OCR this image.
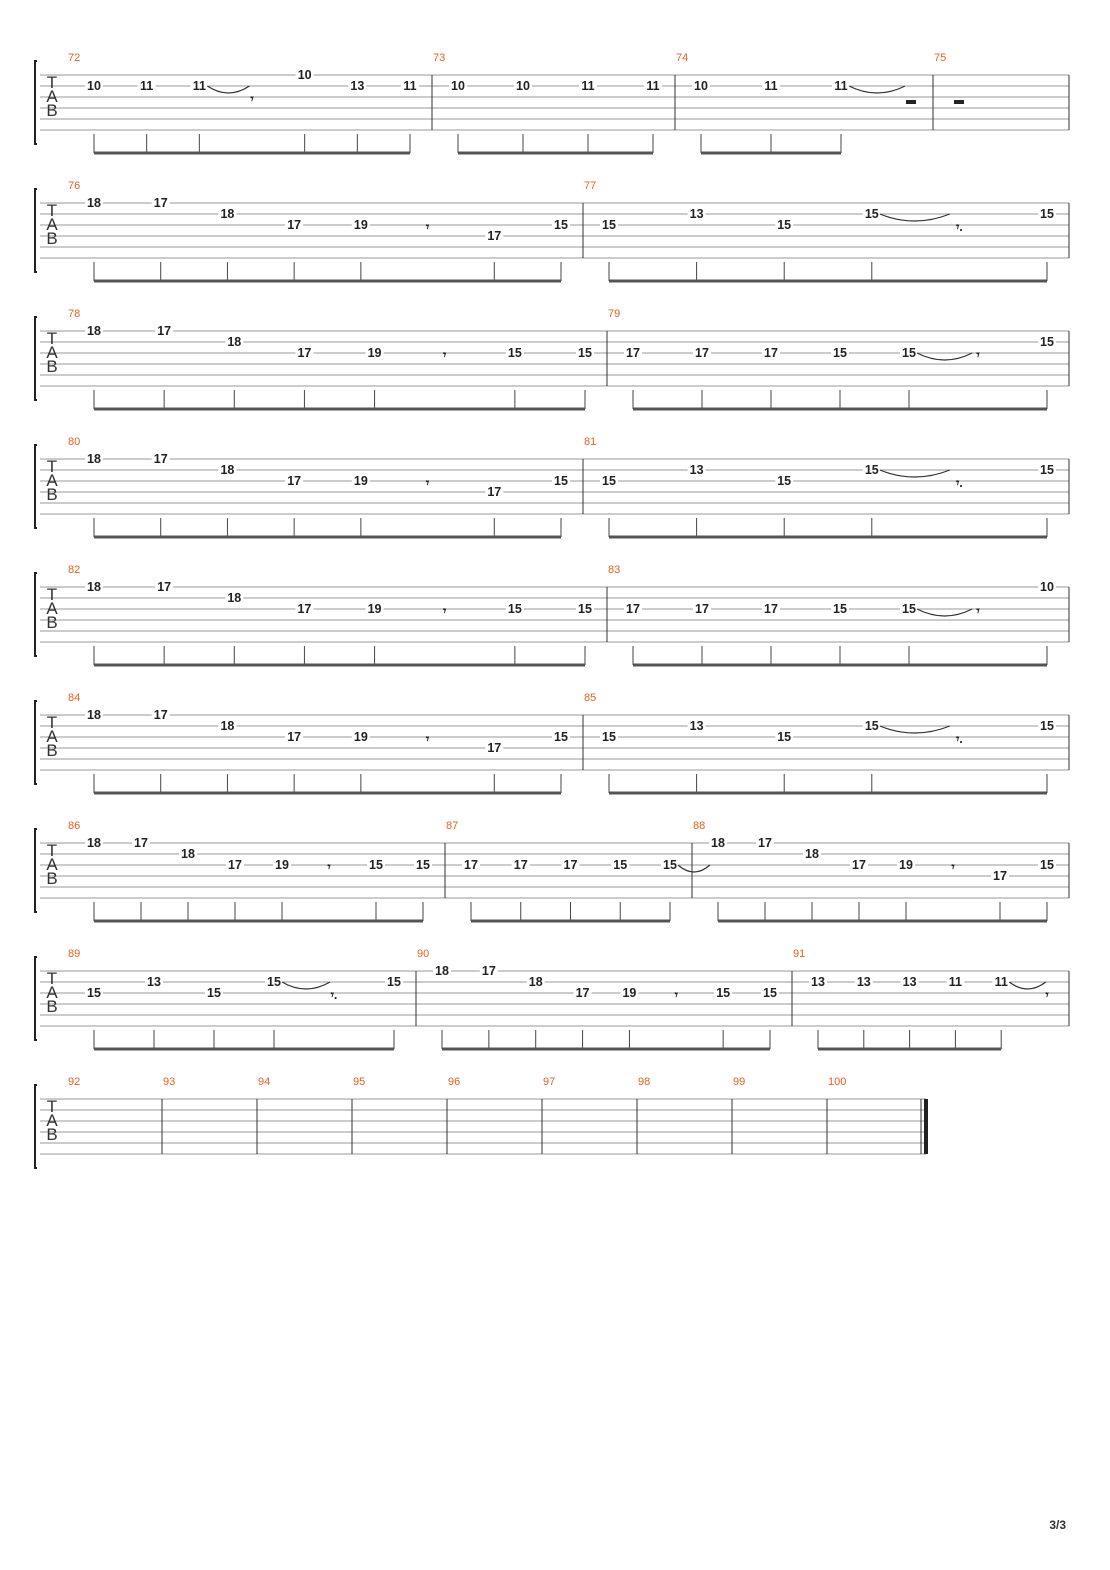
T
A
B
72
10	11	11
𝄾
10
13	11
73
10	10	11	11
74
10	11	11
75
T
A
B
76
18	17
18
17	19	𝄾
17
15
77
15
13
15
15
𝄾.
15
T
A
B
78
18	17
18
17	19	𝄾	15	15
79
17	17	17	15	15	𝄾
15
T
A
B
80
18	17
18
17	19	𝄾
17
15
81
15
13
15
15
𝄾.
15
T
A
B
82
18	17
18
17	19	𝄾	15	15
83
17	17	17	15	15	𝄾
10
T
A
B
84
18	17
18
17	19	𝄾
17
15
85
15
13
15
15
𝄾.
15
T
A
B
86
18	17
18
17	19	𝄾	15	15
87
17	17	17	15	15
88
18	17
18
17	19	𝄾
17
15
T
A
B
89
15
13
15
15
𝄾.
15
90
18	17
18
17	19	𝄾	15	15
91
13	13	13	11	11
𝄾
T
A
B
92	93	94	95	96	97	98	99	100
3/3
